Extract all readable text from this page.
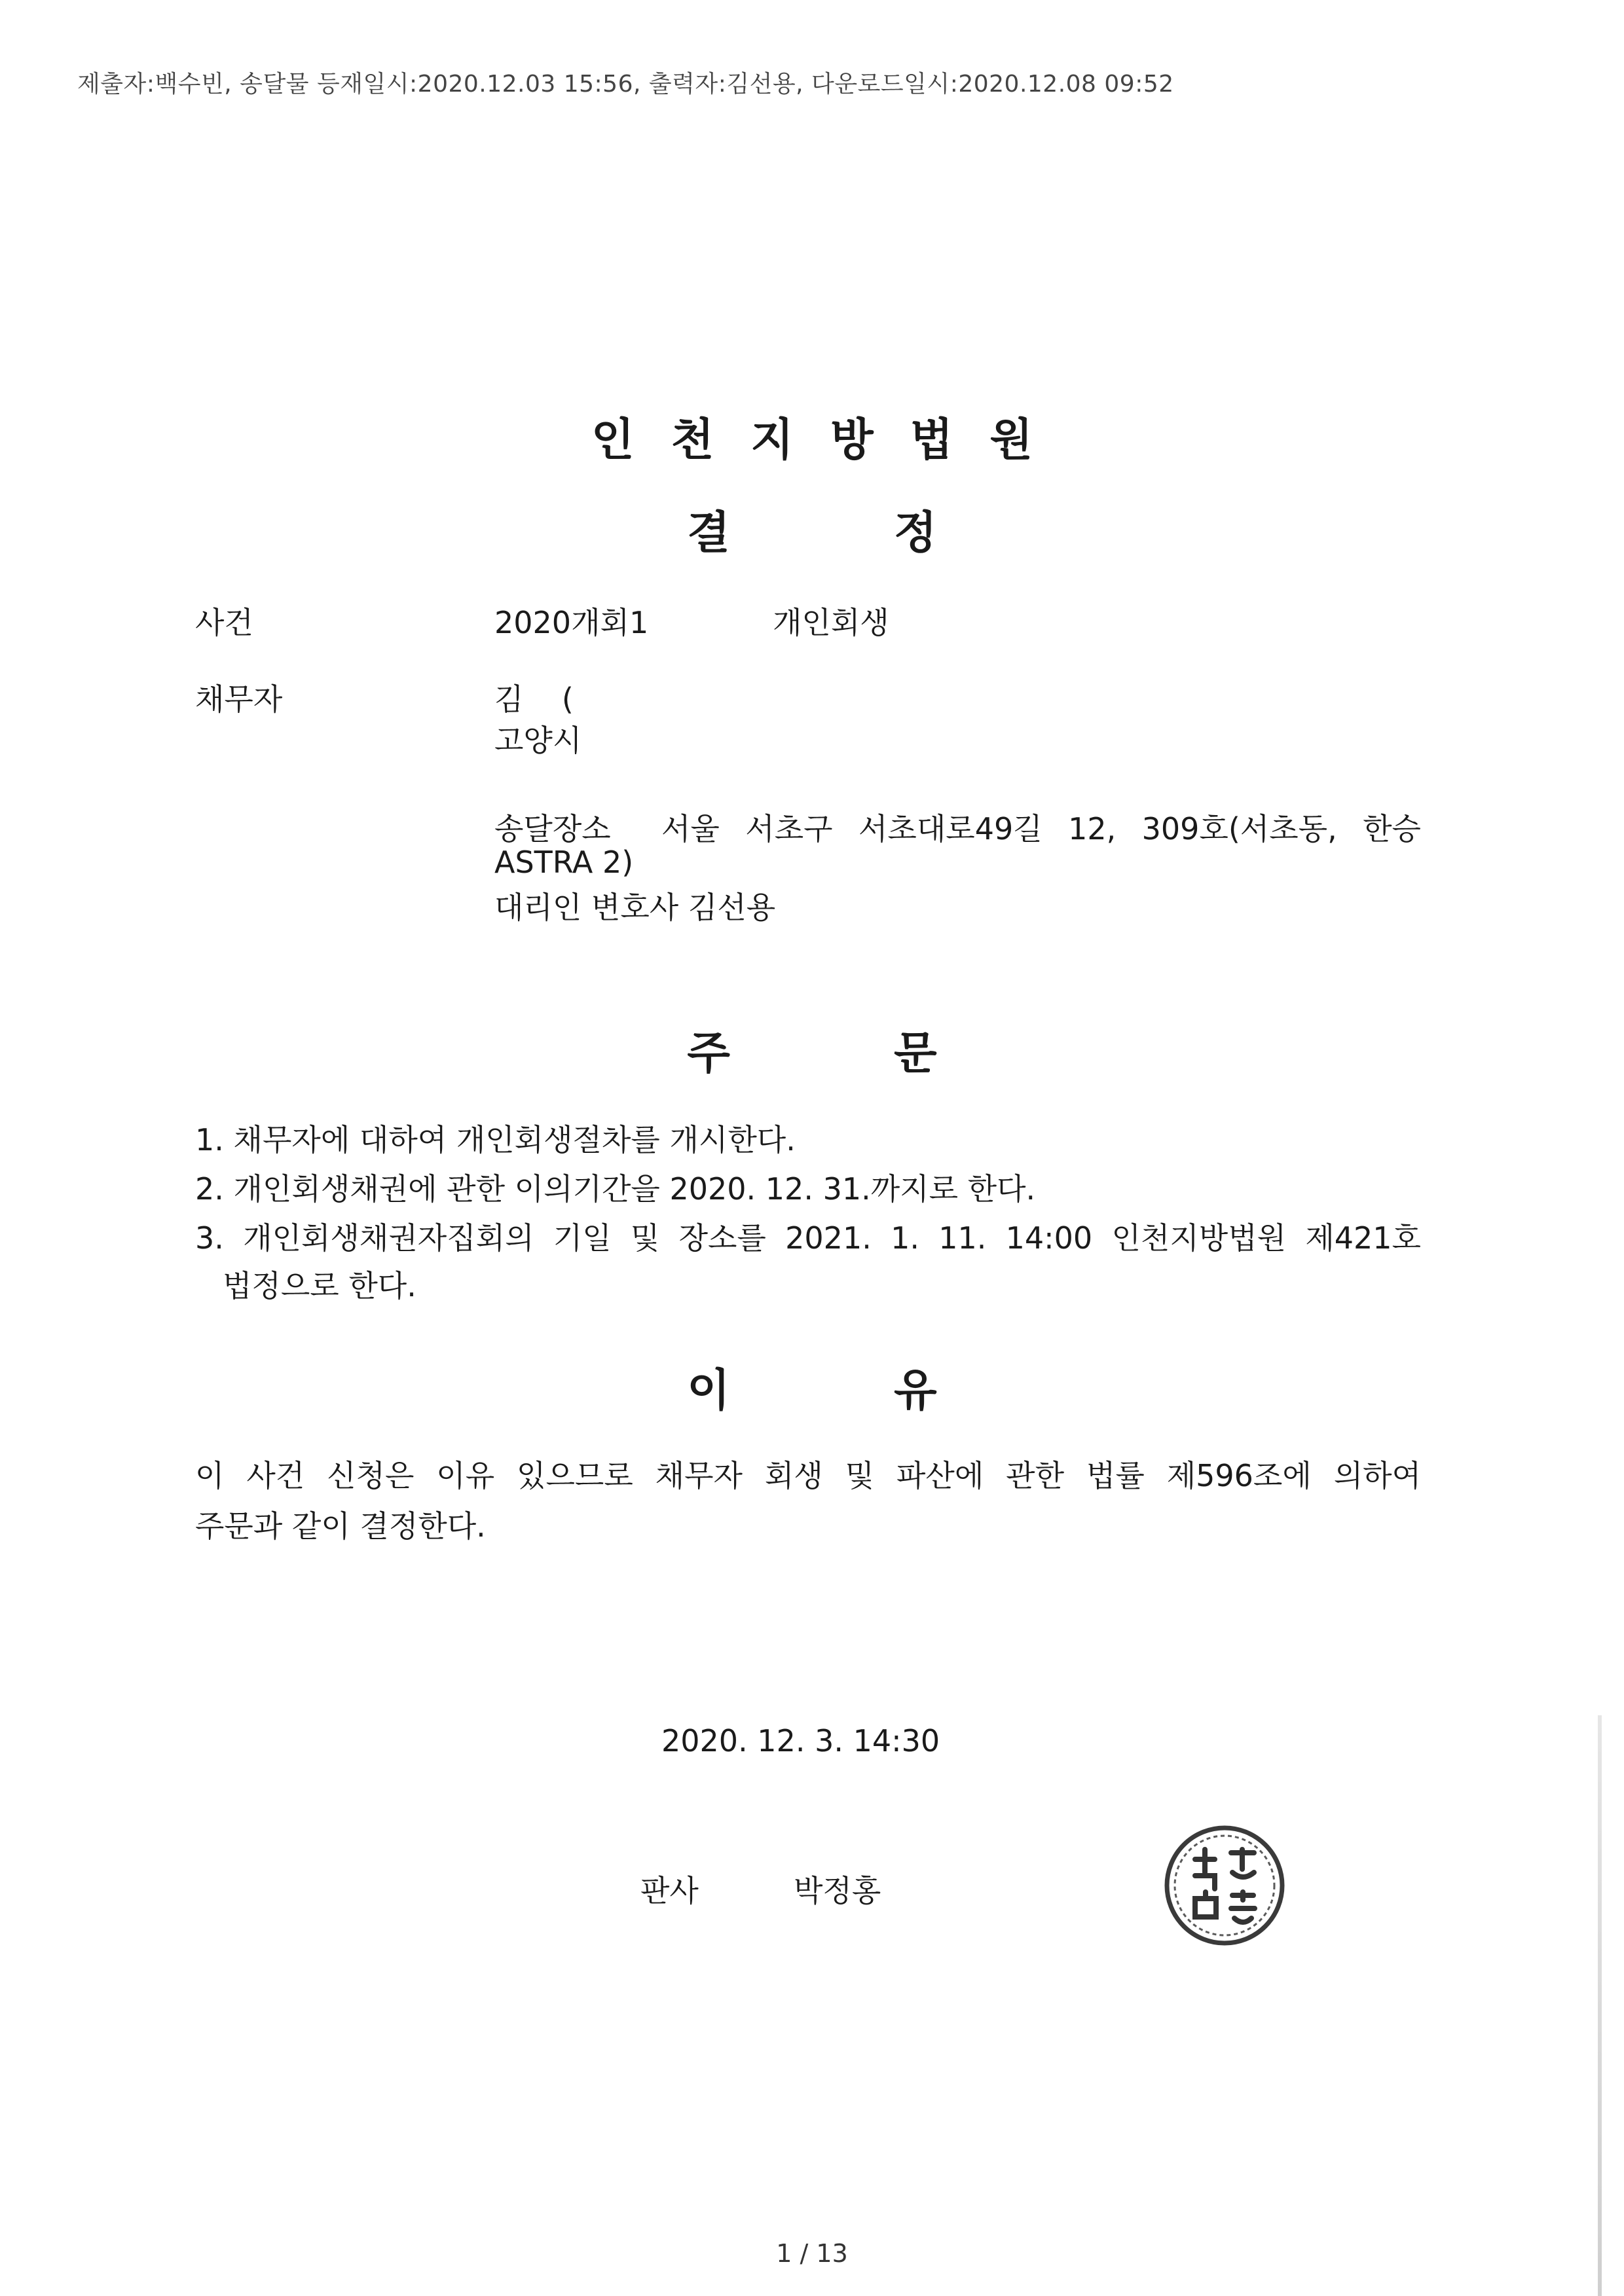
제출자:백수빈, 송달물 등재일시:2020.12.03 15:56, 출력자:김선용, 다운로드일시:2020.12.08 09:52
인천지방법원
결정
사건	2020개회1	개인회생
채무자	김    (
고양시
송달장소 서울 서초구 서초대로49길 12, 309호(서초동, 한승
ASTRA 2)
대리인 변호사 김선용
주문
1. 채무자에 대하여 개인회생절차를 개시한다.
2. 개인회생채권에 관한 이의기간을 2020. 12. 31.까지로 한다.
3. 개인회생채권자집회의 기일 및 장소를 2021. 1. 11. 14:00 인천지방법원 제421호
법정으로 한다.
이유
이 사건 신청은 이유 있으므로 채무자 회생 및 파산에 관한 법률 제596조에 의하여
주문과 같이 결정한다.
2020. 12. 3. 14:30
판사	박정홍
1 / 13
